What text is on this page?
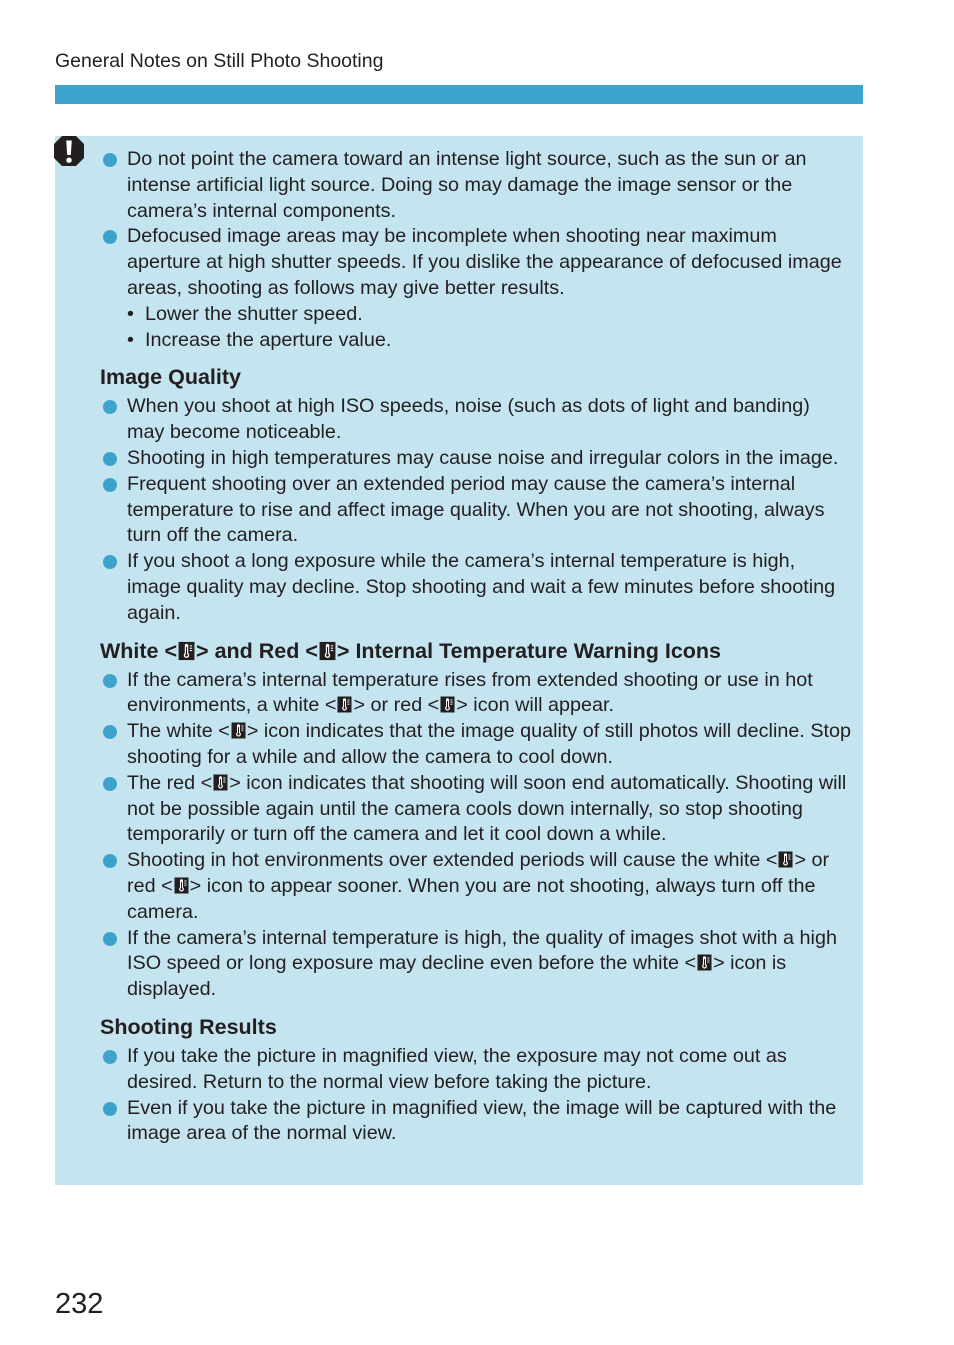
General Notes on Still Photo Shooting
Do not point the camera toward an intense light source, such as the sun or an intense artificial light source. Doing so may damage the image sensor or the camera’s internal components.
Defocused image areas may be incomplete when shooting near maximum aperture at high shutter speeds. If you dislike the appearance of defocused image areas, shooting as follows may give better results.
• Lower the shutter speed.
• Increase the aperture value.
Image Quality
When you shoot at high ISO speeds, noise (such as dots of light and banding) may become noticeable.
Shooting in high temperatures may cause noise and irregular colors in the image.
Frequent shooting over an extended period may cause the camera’s internal temperature to rise and affect image quality. When you are not shooting, always turn off the camera.
If you shoot a long exposure while the camera’s internal temperature is high, image quality may decline. Stop shooting and wait a few minutes before shooting again.
White < > and Red < > Internal Temperature Warning Icons
If the camera’s internal temperature rises from extended shooting or use in hot environments, a white < > or red < > icon will appear.
The white < > icon indicates that the image quality of still photos will decline. Stop shooting for a while and allow the camera to cool down.
The red < > icon indicates that shooting will soon end automatically. Shooting will not be possible again until the camera cools down internally, so stop shooting temporarily or turn off the camera and let it cool down a while.
Shooting in hot environments over extended periods will cause the white < > or red < > icon to appear sooner. When you are not shooting, always turn off the camera.
If the camera’s internal temperature is high, the quality of images shot with a high ISO speed or long exposure may decline even before the white < > icon is displayed.
Shooting Results
If you take the picture in magnified view, the exposure may not come out as desired. Return to the normal view before taking the picture.
Even if you take the picture in magnified view, the image will be captured with the image area of the normal view.
232
